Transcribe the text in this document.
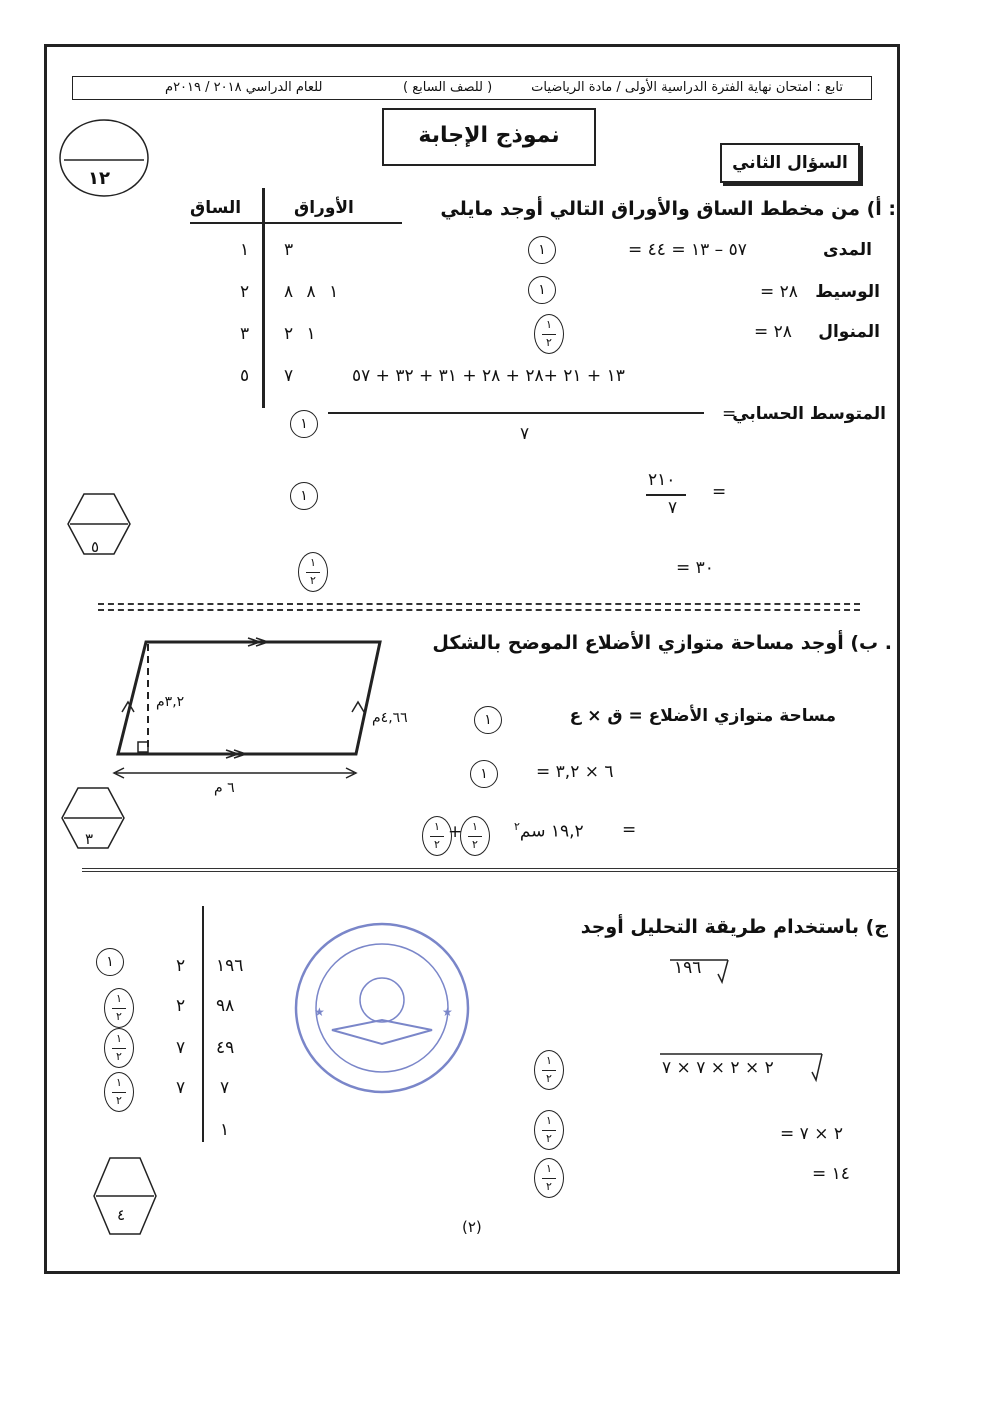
تابع : امتحان نهاية الفترة الدراسية الأولى / مادة الرياضيات
( للصف السابع )
للعام الدراسي ٢٠١٨ / ٢٠١٩م
نموذج الإجابة
السؤال الثاني
١٢
أ) من مخطط الساق والأوراق التالي أوجد مايلي :
الساق	الأوراق
١ ٣
٢ ١ ٨ ٨
٣ ١ ٢
٥ ٧
المدى
= ٥٧ – ١٣ = ٤٤
١
الوسيط
= ٢٨
١
المنوال
= ٢٨
١
٢
١٣ + ٢١ +٢٨ + ٢٨ + ٣١ + ٣٢ + ٥٧
٧
المتوسط الحسابي
=
١
٢١٠
٧
=
١
= ٣٠
١
٢
٥
ب) أوجد مساحة متوازي الأضلاع الموضح بالشكل .
٣,٢م
٤,٦٦م
٦ م
مساحة متوازي الأضلاع = ق × ع
١
= ٦ × ٣,٢
١
=
١٩,٢ سم$^٢$
١
٢
+
١
٢
٣
ج) باستخدام طريقة التحليل أوجد
١٩٦
٢ × ٢ × ٧ × ٧
١
٢
= ٢ × ٧
١
٢
= ١٤
١
٢
١٩٦
٢
١
٩٨
٢
١
٢
٤٩
٧
١
٢
٧
٧
١
٢
١
٤
★	★
(٢)
